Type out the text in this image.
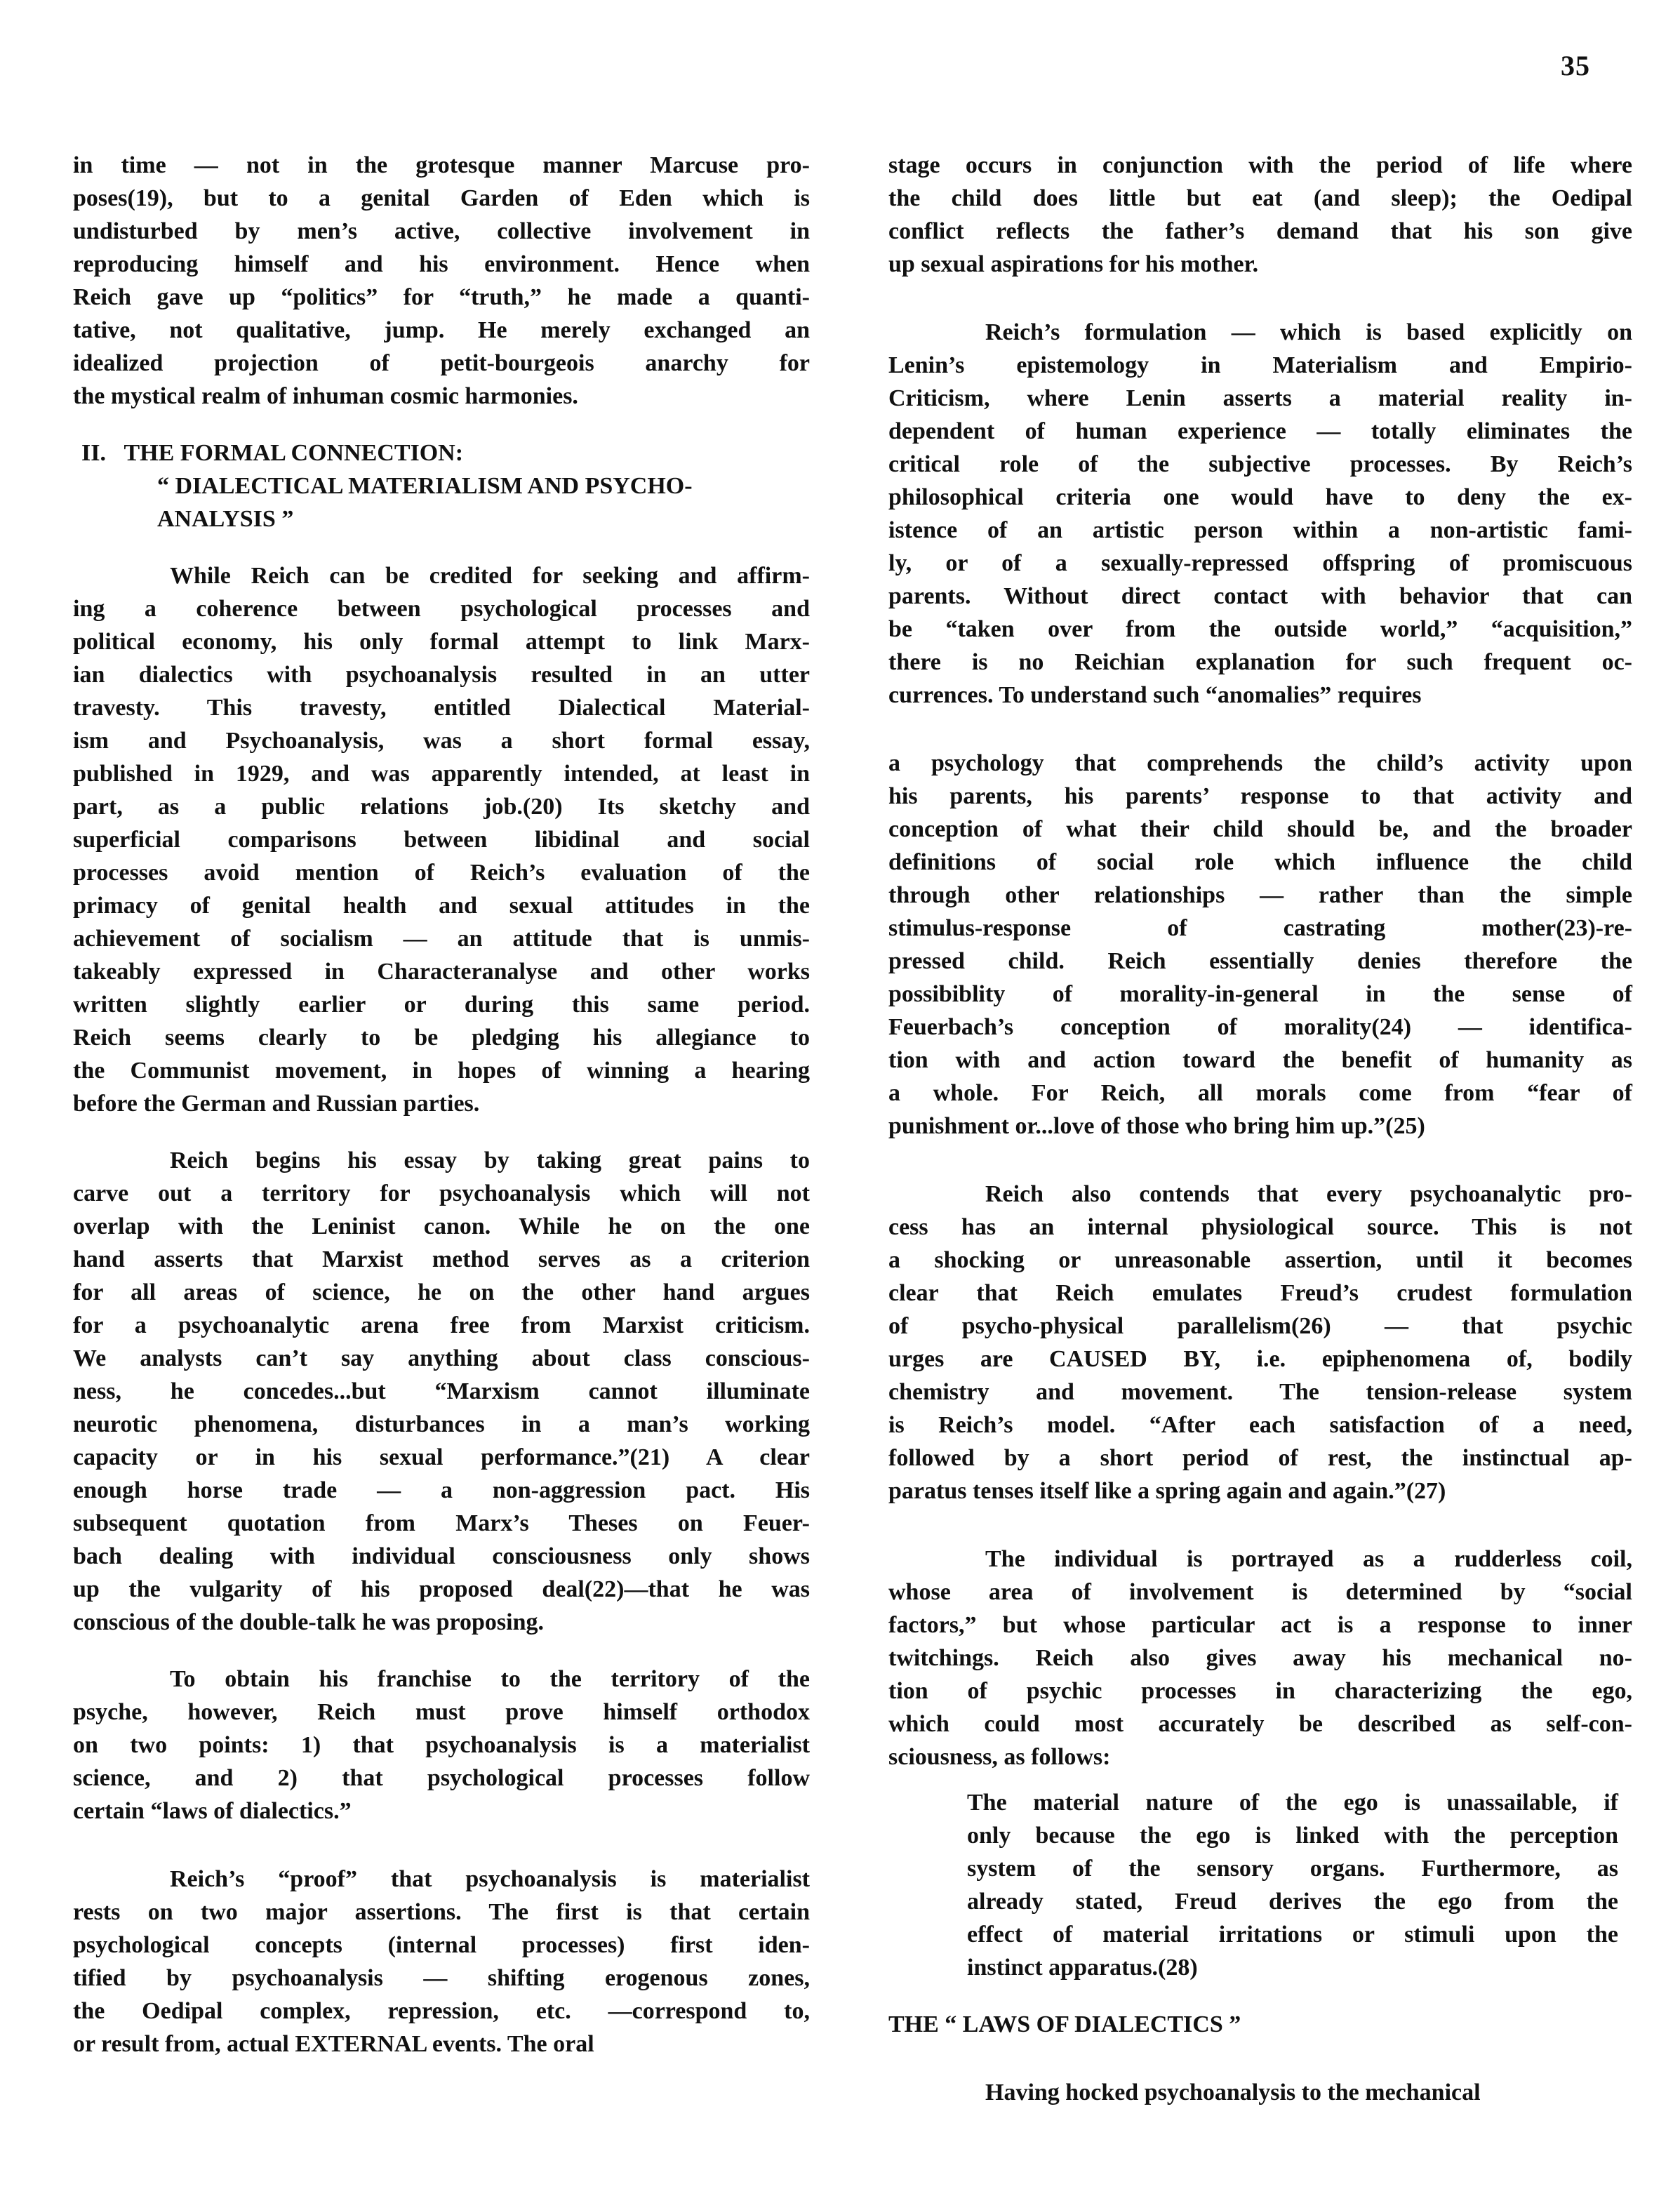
35
in time — not in the grotesque manner Marcuse pro-
poses(19), but to a genital Garden of Eden which is
undisturbed by men’s active, collective involvement in
reproducing himself and his environment. Hence when
Reich gave up “politics” for “truth,” he made a quanti-
tative, not qualitative, jump. He merely exchanged an
idealized projection of petit-bourgeois anarchy for
the mystical realm of inhuman cosmic harmonies.
II.   THE FORMAL CONNECTION:
“ DIALECTICAL MATERIALISM AND PSYCHO-
ANALYSIS ”
While Reich can be credited for seeking and affirm-
ing a coherence between psychological processes and
political economy, his only formal attempt to link Marx-
ian dialectics with psychoanalysis resulted in an utter
travesty. This travesty, entitled Dialectical Material-
ism and Psychoanalysis, was a short formal essay,
published in 1929, and was apparently intended, at least in
part, as a public relations job.(20) Its sketchy and
superficial comparisons between libidinal and social
processes avoid mention of Reich’s evaluation of the
primacy of genital health and sexual attitudes in the
achievement of socialism — an attitude that is unmis-
takeably expressed in Characteranalyse and other works
written slightly earlier or during this same period.
Reich seems clearly to be pledging his allegiance to
the Communist movement, in hopes of winning a hearing
before the German and Russian parties.
Reich begins his essay by taking great pains to
carve out a territory for psychoanalysis which will not
overlap with the Leninist canon. While he on the one
hand asserts that Marxist method serves as a criterion
for all areas of science, he on the other hand argues
for a psychoanalytic arena free from Marxist criticism.
We analysts can’t say anything about class conscious-
ness, he concedes...but “Marxism cannot illuminate
neurotic phenomena, disturbances in a man’s working
capacity or in his sexual performance.”(21) A clear
enough horse trade — a non-aggression pact. His
subsequent quotation from Marx’s Theses on Feuer-
bach dealing with individual consciousness only shows
up the vulgarity of his proposed deal(22)—that he was
conscious of the double-talk he was proposing.
To obtain his franchise to the territory of the
psyche, however, Reich must prove himself orthodox
on two points: 1) that psychoanalysis is a materialist
science, and 2) that psychological processes follow
certain “laws of dialectics.”
Reich’s “proof” that psychoanalysis is materialist
rests on two major assertions. The first is that certain
psychological concepts (internal processes) first iden-
tified by psychoanalysis — shifting erogenous zones,
the Oedipal complex, repression, etc. —correspond to,
or result from, actual EXTERNAL events. The oral
stage occurs in conjunction with the period of life where
the child does little but eat (and sleep); the Oedipal
conflict reflects the father’s demand that his son give
up sexual aspirations for his mother.
Reich’s formulation — which is based explicitly on
Lenin’s epistemology in Materialism and Empirio-
Criticism, where Lenin asserts a material reality in-
dependent of human experience — totally eliminates the
critical role of the subjective processes. By Reich’s
philosophical criteria one would have to deny the ex-
istence of an artistic person within a non-artistic fami-
ly, or of a sexually-repressed offspring of promiscuous
parents. Without direct contact with behavior that can
be “taken over from the outside world,” “acquisition,”
there is no Reichian explanation for such frequent oc-
currences. To understand such “anomalies” requires
a psychology that comprehends the child’s activity upon
his parents, his parents’ response to that activity and
conception of what their child should be, and the broader
definitions of social role which influence the child
through other relationships — rather than the simple
stimulus-response of castrating mother(23)-re-
pressed child. Reich essentially denies therefore the
possibiblity of morality-in-general in the sense of
Feuerbach’s conception of morality(24) — identifica-
tion with and action toward the benefit of humanity as
a whole. For Reich, all morals come from “fear of
punishment or...love of those who bring him up.”(25)
Reich also contends that every psychoanalytic pro-
cess has an internal physiological source. This is not
a shocking or unreasonable assertion, until it becomes
clear that Reich emulates Freud’s crudest formulation
of psycho-physical parallelism(26) — that psychic
urges are CAUSED BY, i.e. epiphenomena of, bodily
chemistry and movement. The tension-release system
is Reich’s model. “After each satisfaction of a need,
followed by a short period of rest, the instinctual ap-
paratus tenses itself like a spring again and again.”(27)
The individual is portrayed as a rudderless coil,
whose area of involvement is determined by “social
factors,” but whose particular act is a response to inner
twitchings. Reich also gives away his mechanical no-
tion of psychic processes in characterizing the ego,
which could most accurately be described as self-con-
sciousness, as follows:
The material nature of the ego is unassailable, if
only because the ego is linked with the perception
system of the sensory organs. Furthermore, as
already stated, Freud derives the ego from the
effect of material irritations or stimuli upon the
instinct apparatus.(28)
THE “ LAWS OF DIALECTICS ”
Having hocked psychoanalysis to the mechanical
